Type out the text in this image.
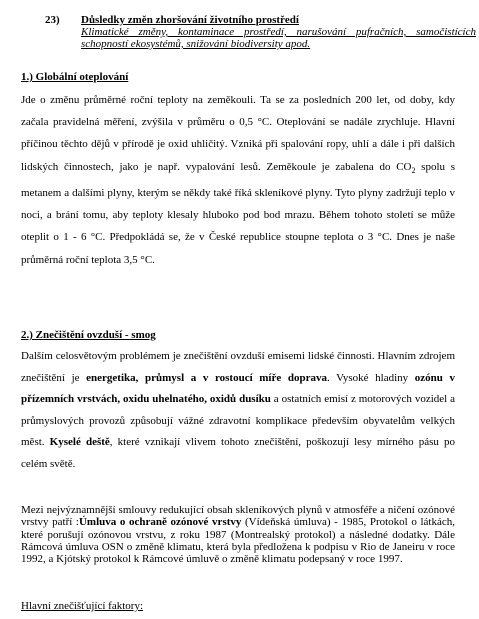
23) Důsledky změn zhoršování životního prostředí
Klimatické změny, kontaminace prostředí, narušování pufračních, samočistících schopností ekosystémů, snižování biodiversity apod.
1.) Globální oteplování

Jde o změnu průměrné roční teploty na zeměkouli. Ta se za posledních 200 let, od doby, kdy začala pravidelná měření, zvýšila v průměru o 0,5 °C. Oteplování se nadále zrychluje. Hlavní příčinou těchto dějů v přírodě je oxid uhličitý. Vzniká při spalování ropy, uhlí a dále i při dalších lidských činnostech, jako je např. vypalování lesů. Zeměkoule je zabalena do $CO_2$ spolu s metanem a dalšími plyny, kterým se někdy také říká skleníkové plyny. Tyto plyny zadržují teplo v noci, a brání tomu, aby teploty klesaly hluboko pod bod mrazu. Během tohoto století se může oteplit o 1 - 6 °C. Předpokládá se, že v České republice stoupne teplota o 3 °C. Dnes je naše průměrná roční teplota 3,5 °C.

2.) Znečištění ovzduší - smog

Dalším celosvětovým problémem je znečištění ovzduší emisemi lidské činnosti. Hlavním zdrojem znečištění je energetika, průmysl a v rostoucí míře doprava. Vysoké hladiny ozónu v přízemních vrstvách, oxidu uhelnatého, oxidů dusíku a ostatních emisí z motorových vozidel a průmyslových provozů způsobují vážné zdravotní komplikace především obyvatelům velkých měst. Kyselé deště, které vznikají vlivem tohoto znečištění, poškozují lesy mírného pásu po celém světě.

Mezi nejvýznamnější smlouvy redukující obsah skleníkových plynů v atmosféře a ničení ozónové vrstvy patří :Úmluva o ochraně ozónové vrstvy (Vídeňská úmluva) - 1985, Protokol o látkách, které porušují ozónovou vrstvu, z roku 1987 (Montrealský protokol) a následné dodatky. Dále Rámcová úmluva OSN o změně klimatu, která byla předložena k podpisu v Rio de Janeiru v roce 1992, a Kjótský protokol k Rámcové úmluvě o změně klimatu podepsaný v roce 1997.

Hlavní znečišťující faktory:
